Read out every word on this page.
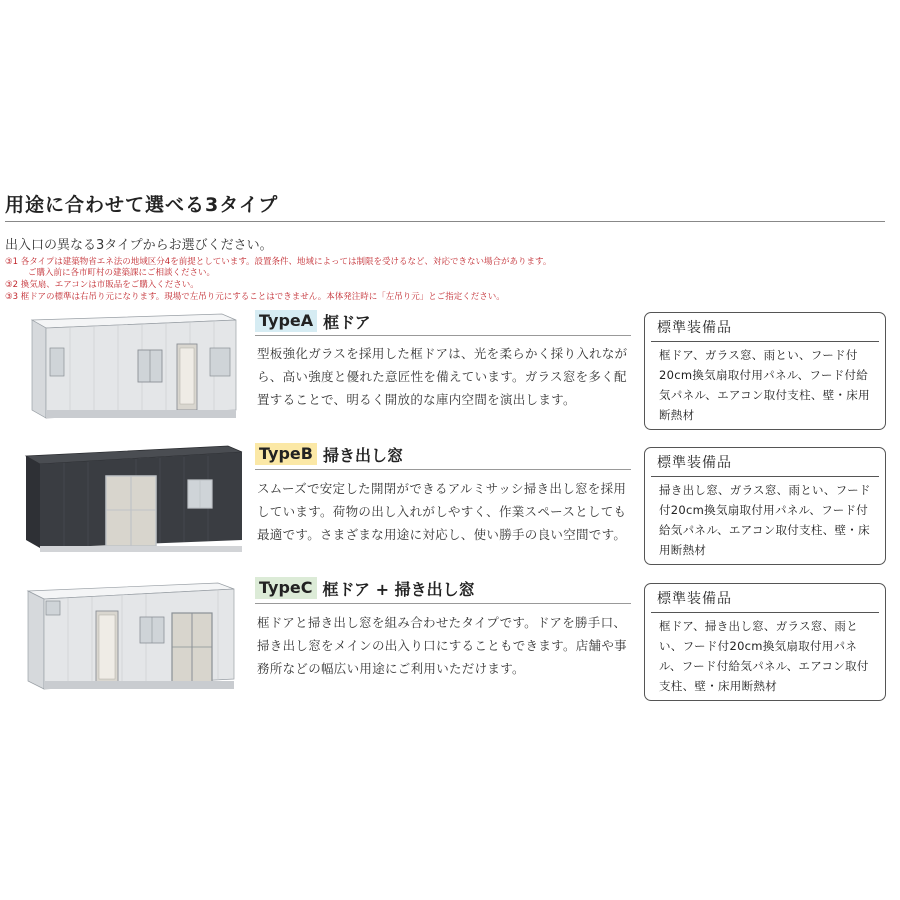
用途に合わせて選べる3タイプ
出入口の異なる3タイプからお選びください。
③1 各タイプは建築物省エネ法の地域区分4を前提としています。設置条件、地域によっては制限を受けるなど、対応できない場合があります。
ご購入前に各市町村の建築課にご相談ください。
③2 換気扇、エアコンは市販品をご購入ください。
③3 框ドアの標準は右吊り元になります。現場で左吊り元にすることはできません。本体発注時に「左吊り元」とご指定ください。
TypeA 框ドア
型板強化ガラスを採用した框ドアは、光を柔らかく採り入れながら、高い強度と優れた意匠性を備えています。ガラス窓を多く配置することで、明るく開放的な庫内空間を演出します。
標準装備品
框ドア、ガラス窓、雨とい、フード付20cm換気扇取付用パネル、フード付給気パネル、エアコン取付支柱、壁・床用断熱材
TypeB 掃き出し窓
スムーズで安定した開閉ができるアルミサッシ掃き出し窓を採用しています。荷物の出し入れがしやすく、作業スペースとしても最適です。さまざまな用途に対応し、使い勝手の良い空間です。
標準装備品
掃き出し窓、ガラス窓、雨とい、フード付20cm換気扇取付用パネル、フード付給気パネル、エアコン取付支柱、壁・床用断熱材
TypeC 框ドア + 掃き出し窓
框ドアと掃き出し窓を組み合わせたタイプです。ドアを勝手口、掃き出し窓をメインの出入り口にすることもできます。店舗や事務所などの幅広い用途にご利用いただけます。
標準装備品
框ドア、掃き出し窓、ガラス窓、雨とい、フード付20cm換気扇取付用パネル、フード付給気パネル、エアコン取付支柱、壁・床用断熱材
